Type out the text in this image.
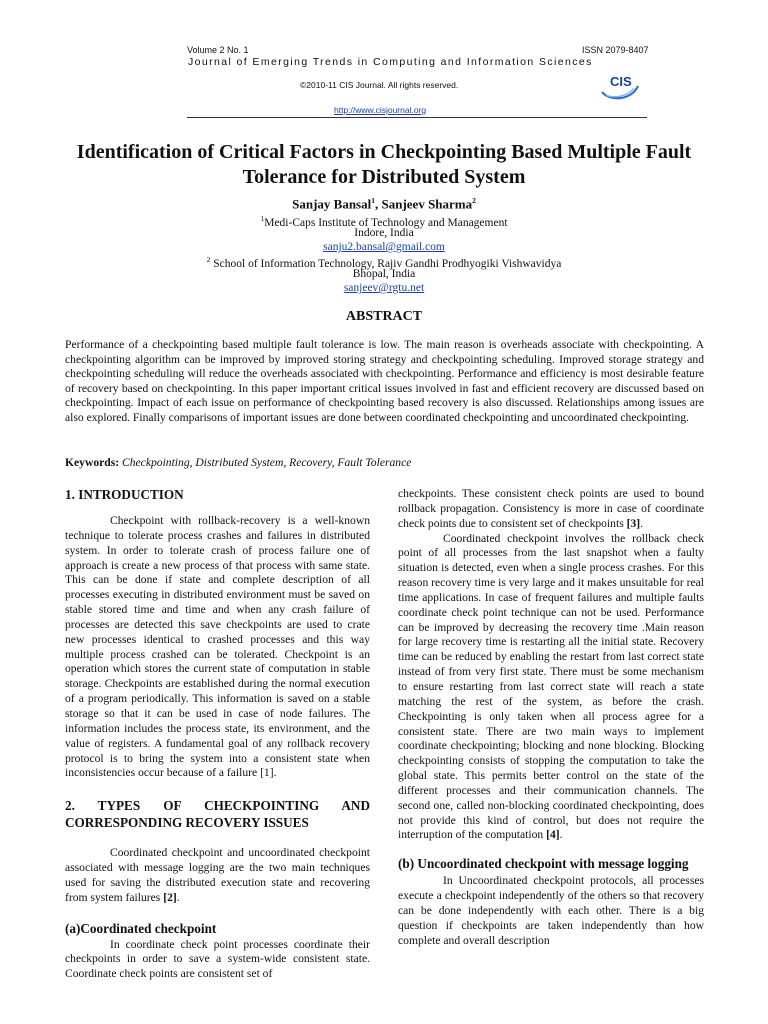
Volume 2 No. 1	ISSN 2079-8407
Journal of Emerging Trends in Computing and Information Sciences
©2010-11 CIS Journal. All rights reserved.
http://www.cisjournal.org
CIS
Identification of Critical Factors in Checkpointing Based Multiple Fault Tolerance for Distributed System
Sanjay Bansal$^1$, Sanjeev Sharma$^2$
$^1$Medi-Caps Institute of Technology and Management
Indore, India
sanju2.bansal@gmail.com
$^2$ School of Information Technology, Rajiv Gandhi Prodhyogiki Vishwavidya
Bhopal, India
sanjeev@rgtu.net
ABSTRACT
Performance of a checkpointing based multiple fault tolerance is low. The main reason is overheads associate with checkpointing. A checkpointing algorithm can be improved by improved storing strategy and checkpointing scheduling. Improved storage strategy and checkpointing scheduling will reduce the overheads associated with checkpointing. Performance and efficiency is most desirable feature of recovery based on checkpointing. In this paper important critical issues involved in fast and efficient recovery are discussed based on checkpointing. Impact of each issue on performance of checkpointing based recovery is also discussed. Relationships among issues are also explored. Finally comparisons of important issues are done between coordinated checkpointing and uncoordinated checkpointing.
Keywords: Checkpointing, Distributed System, Recovery, Fault Tolerance

1. INTRODUCTION

Checkpoint with rollback-recovery is a well-known technique to tolerate process crashes and failures in distributed system. In order to tolerate crash of process failure one of approach is create a new process of that process with same state. This can be done if state and complete description of all processes executing in distributed environment must be saved on stable stored time and time and when any crash failure of processes are detected this save checkpoints are used to crate new processes identical to crashed processes and this way multiple process crashed can be tolerated. Checkpoint is an operation which stores the current state of computation in stable storage. Checkpoints are established during the normal execution of a program periodically. This information is saved on a stable storage so that it can be used in case of node failures. The information includes the process state, its environment, and the value of registers. A fundamental goal of any rollback recovery protocol is to bring the system into a consistent state when inconsistencies occur because of a failure [1].

2. TYPES OF CHECKPOINTING AND CORRESPONDING RECOVERY ISSUES

Coordinated checkpoint and uncoordinated checkpoint associated with message logging are the two main techniques used for saving the distributed execution state and recovering from system failures [2].

(a)Coordinated checkpoint

In coordinate check point processes coordinate their checkpoints in order to save a system-wide consistent state. Coordinate check points are consistent set of

checkpoints. These consistent check points are used to bound rollback propagation. Consistency is more in case of coordinate check points due to consistent set of checkpoints [3].

Coordinated checkpoint involves the rollback check point of all processes from the last snapshot when a faulty situation is detected, even when a single process crashes. For this reason recovery time is very large and it makes unsuitable for real time applications. In case of frequent failures and multiple faults coordinate check point technique can not be used. Performance can be improved by decreasing the recovery time .Main reason for large recovery time is restarting all the initial state. Recovery time can be reduced by enabling the restart from last correct state instead of from very first state. There must be some mechanism to ensure restarting from last correct state will reach a state matching the rest of the system, as before the crash. Checkpointing is only taken when all process agree for a consistent state. There are two main ways to implement coordinate checkpointing; blocking and none blocking. Blocking checkpointing consists of stopping the computation to take the global state. This permits better control on the state of the different processes and their communication channels. The second one, called non-blocking coordinated checkpointing, does not provide this kind of control, but does not require the interruption of the computation [4].

(b) Uncoordinated checkpoint with message logging

In Uncoordinated checkpoint protocols, all processes execute a checkpoint independently of the others so that recovery can be done independently with each other. There is a big question if checkpoints are taken independently than how complete and overall description
